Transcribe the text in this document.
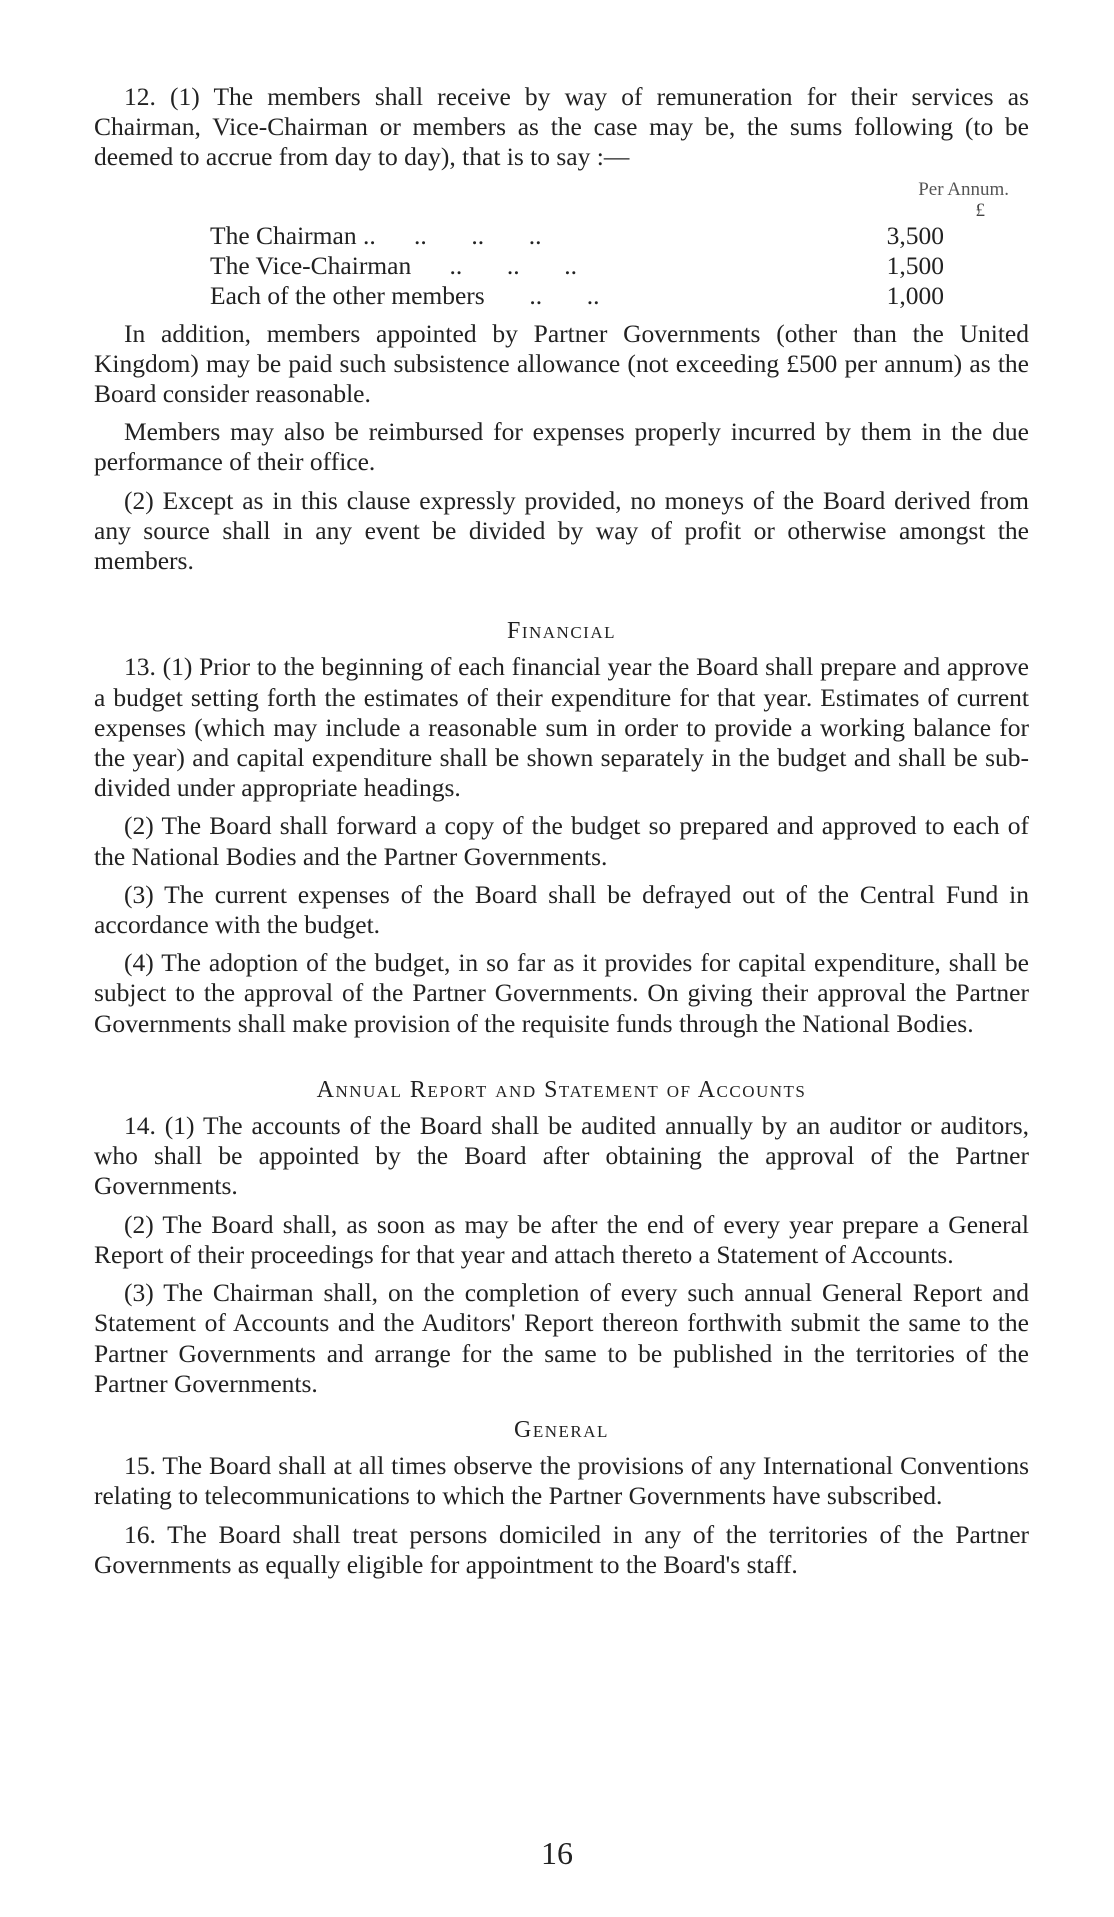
12. (1) The members shall receive by way of remuneration for their services as Chairman, Vice-Chairman or members as the case may be, the sums following (to be deemed to accrue from day to day), that is to say :—

Per Annum.
£
The Chairman ..      ..       ..       ..	3,500
The Vice-Chairman      ..       ..       ..	1,500
Each of the other members       ..       ..	1,000

In addition, members appointed by Partner Governments (other than the United Kingdom) may be paid such subsistence allowance (not exceeding £500 per annum) as the Board consider reasonable.

Members may also be reimbursed for expenses properly incurred by them in the due performance of their office.

(2) Except as in this clause expressly provided, no moneys of the Board derived from any source shall in any event be divided by way of profit or otherwise amongst the members.

Financial

13. (1) Prior to the beginning of each financial year the Board shall prepare and approve a budget setting forth the estimates of their expenditure for that year. Estimates of current expenses (which may include a reasonable sum in order to provide a working balance for the year) and capital expenditure shall be shown separately in the budget and shall be sub-divided under appropriate headings.

(2) The Board shall forward a copy of the budget so prepared and approved to each of the National Bodies and the Partner Governments.

(3) The current expenses of the Board shall be defrayed out of the Central Fund in accordance with the budget.

(4) The adoption of the budget, in so far as it provides for capital expenditure, shall be subject to the approval of the Partner Governments. On giving their approval the Partner Governments shall make provision of the requisite funds through the National Bodies.

Annual Report and Statement of Accounts

14. (1) The accounts of the Board shall be audited annually by an auditor or auditors, who shall be appointed by the Board after obtaining the approval of the Partner Governments.

(2) The Board shall, as soon as may be after the end of every year prepare a General Report of their proceedings for that year and attach thereto a Statement of Accounts.

(3) The Chairman shall, on the completion of every such annual General Report and Statement of Accounts and the Auditors' Report thereon forthwith submit the same to the Partner Governments and arrange for the same to be published in the territories of the Partner Governments.

General

15. The Board shall at all times observe the provisions of any International Conventions relating to telecommunications to which the Partner Governments have subscribed.

16. The Board shall treat persons domiciled in any of the territories of the Partner Governments as equally eligible for appointment to the Board's staff.

16
